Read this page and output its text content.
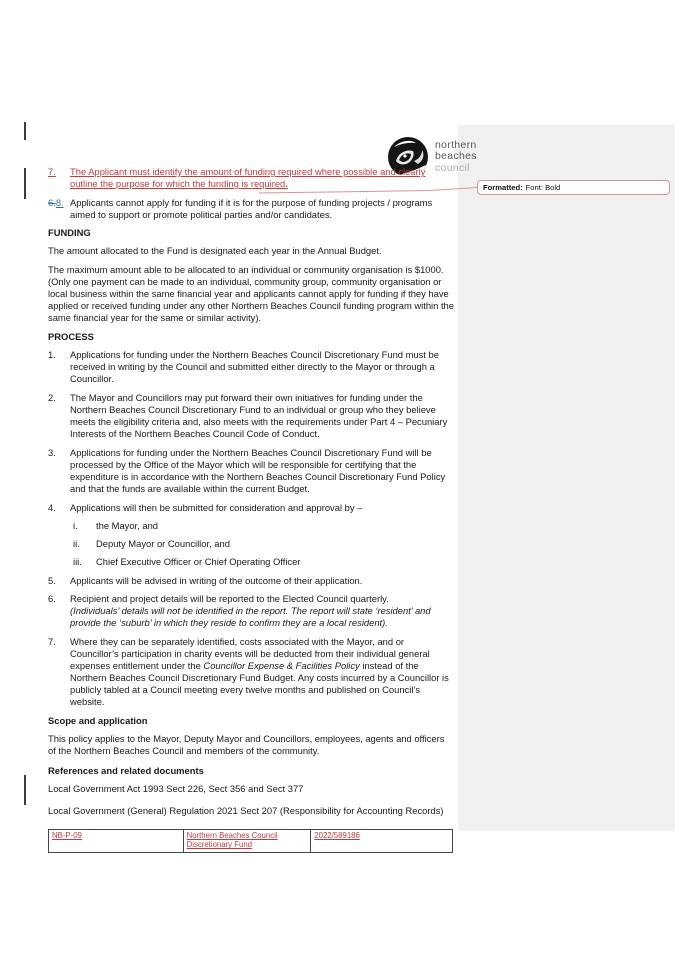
northern
beaches
council
Formatted: Font: Bold
7.	The Applicant must identify the amount of funding required where possible and clearly outline the purpose for which the funding is required.
6.8. Applicants cannot apply for funding if it is for the purpose of funding projects / programs aimed to support or promote political parties and/or candidates.
FUNDING

The amount allocated to the Fund is designated each year in the Annual Budget.

The maximum amount able to be allocated to an individual or community organisation is $1000. (Only one payment can be made to an individual, community group, community organisation or local business within the same financial year and applicants cannot apply for funding if they have applied or received funding under any other Northern Beaches Council funding program within the same financial year for the same or similar activity).

PROCESS
1.	Applications for funding under the Northern Beaches Council Discretionary Fund must be received in writing by the Council and submitted either directly to the Mayor or through a Councillor.
2.	The Mayor and Councillors may put forward their own initiatives for funding under the Northern Beaches Council Discretionary Fund to an individual or group who they believe meets the eligibility criteria and, also meets with the requirements under Part 4 – Pecuniary Interests of the Northern Beaches Council Code of Conduct.
3.	Applications for funding under the Northern Beaches Council Discretionary Fund will be processed by the Office of the Mayor which will be responsible for certifying that the expenditure is in accordance with the Northern Beaches Council Discretionary Fund Policy and that the funds are available within the current Budget.
4.	Applications will then be submitted for consideration and approval by –
i.	the Mayor, and
ii.	Deputy Mayor or Councillor, and
iii.	Chief Executive Officer or Chief Operating Officer
5.	Applicants will be advised in writing of the outcome of their application.
6.	Recipient and project details will be reported to the Elected Council quarterly.
(Individuals’ details will not be identified in the report. The report will state ‘resident’ and provide the ‘suburb’ in which they reside to confirm they are a local resident).
7.	Where they can be separately identified, costs associated with the Mayor, and or Councillor’s participation in charity events will be deducted from their individual general expenses entitlement under the Councillor Expense & Facilities Policy instead of the Northern Beaches Council Discretionary Fund Budget. Any costs incurred by a Councillor is publicly tabled at a Council meeting every twelve months and published on Council’s website.
Scope and application

This policy applies to the Mayor, Deputy Mayor and Councillors, employees, agents and officers of the Northern Beaches Council and members of the community.

References and related documents

Local Government Act 1993 Sect 226, Sect 356 and Sect 377

Local Government (General) Regulation 2021 Sect 207 (Responsibility for Accounting Records)

NB-P-09	Northern Beaches Council Discretionary Fund	2022/589186
